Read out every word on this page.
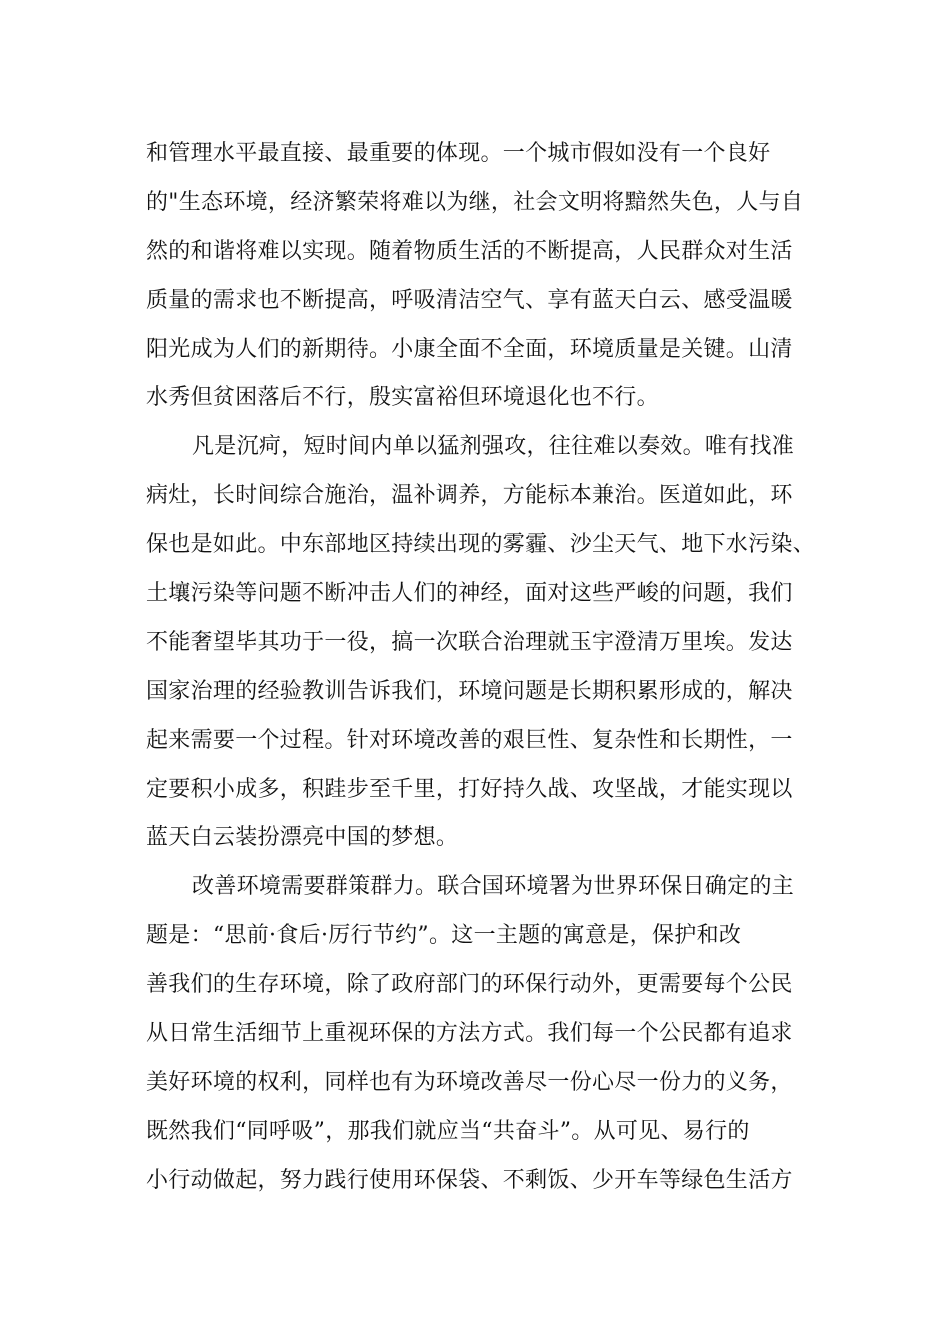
和管理水平最直接、最重要的体现。一个城市假如没有一个良好
的"生态环境，经济繁荣将难以为继，社会文明将黯然失色，人与自
然的和谐将难以实现。随着物质生活的不断提高，人民群众对生活
质量的需求也不断提高，呼吸清洁空气、享有蓝天白云、感受温暖
阳光成为人们的新期待。小康全面不全面，环境质量是关键。山清
水秀但贫困落后不行，殷实富裕但环境退化也不行。
凡是沉疴，短时间内单以猛剂强攻，往往难以奏效。唯有找准
病灶，长时间综合施治，温补调养，方能标本兼治。医道如此，环
保也是如此。中东部地区持续出现的雾霾、沙尘天气、地下水污染、
土壤污染等问题不断冲击人们的神经，面对这些严峻的问题，我们
不能奢望毕其功于一役，搞一次联合治理就玉宇澄清万里埃。发达
国家治理的经验教训告诉我们，环境问题是长期积累形成的，解决
起来需要一个过程。针对环境改善的艰巨性、复杂性和长期性，一
定要积小成多，积跬步至千里，打好持久战、攻坚战，才能实现以
蓝天白云装扮漂亮中国的梦想。
改善环境需要群策群力。联合国环境署为世界环保日确定的主
题是：“思前·食后·厉行节约”。这一主题的寓意是，保护和改
善我们的生存环境，除了政府部门的环保行动外，更需要每个公民
从日常生活细节上重视环保的方法方式。我们每一个公民都有追求
美好环境的权利，同样也有为环境改善尽一份心尽一份力的义务，
既然我们“同呼吸”，那我们就应当“共奋斗”。从可见、易行的
小行动做起，努力践行使用环保袋、不剩饭、少开车等绿色生活方
